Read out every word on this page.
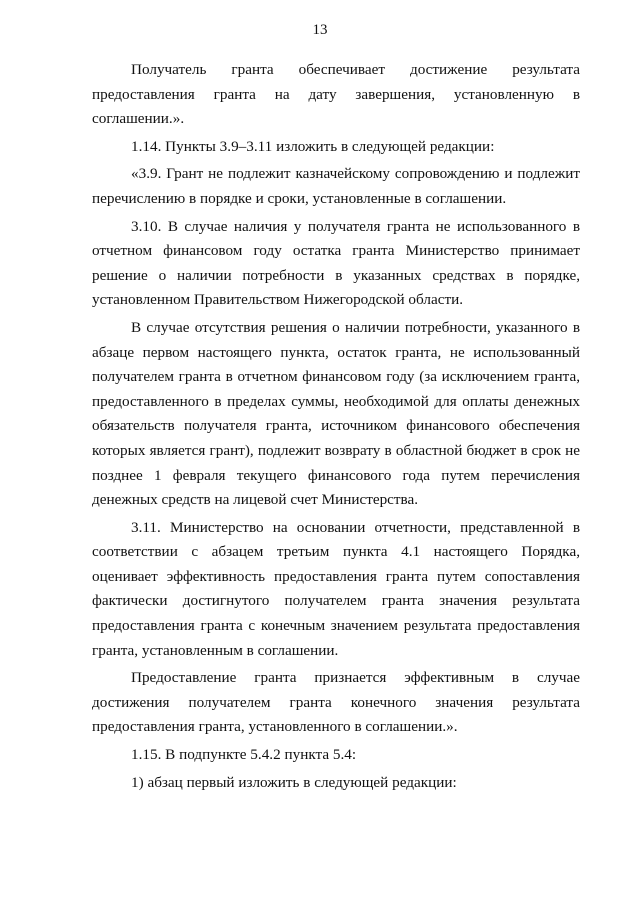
13

Получатель гранта обеспечивает достижение результата предоставления гранта на дату завершения, установленную в соглашении.».

1.14. Пункты 3.9–3.11 изложить в следующей редакции:

«3.9. Грант не подлежит казначейскому сопровождению и подлежит перечислению в порядке и сроки, установленные в соглашении.

3.10. В случае наличия у получателя гранта не использованного в отчетном финансовом году остатка гранта Министерство принимает решение о наличии потребности в указанных средствах в порядке, установленном Правительством Нижегородской области.

В случае отсутствия решения о наличии потребности, указанного в абзаце первом настоящего пункта, остаток гранта, не использованный получателем гранта в отчетном финансовом году (за исключением гранта, предоставленного в пределах суммы, необходимой для оплаты денежных обязательств получателя гранта, источником финансового обеспечения которых является грант), подлежит возврату в областной бюджет в срок не позднее 1 февраля текущего финансового года путем перечисления денежных средств на лицевой счет Министерства.

3.11. Министерство на основании отчетности, представленной в соответствии с абзацем третьим пункта 4.1 настоящего Порядка, оценивает эффективность предоставления гранта путем сопоставления фактически достигнутого получателем гранта значения результата предоставления гранта с конечным значением результата предоставления гранта, установленным в соглашении.

Предоставление гранта признается эффективным в случае достижения получателем гранта конечного значения результата предоставления гранта, установленного в соглашении.».

1.15. В подпункте 5.4.2 пункта 5.4:

1) абзац первый изложить в следующей редакции:
